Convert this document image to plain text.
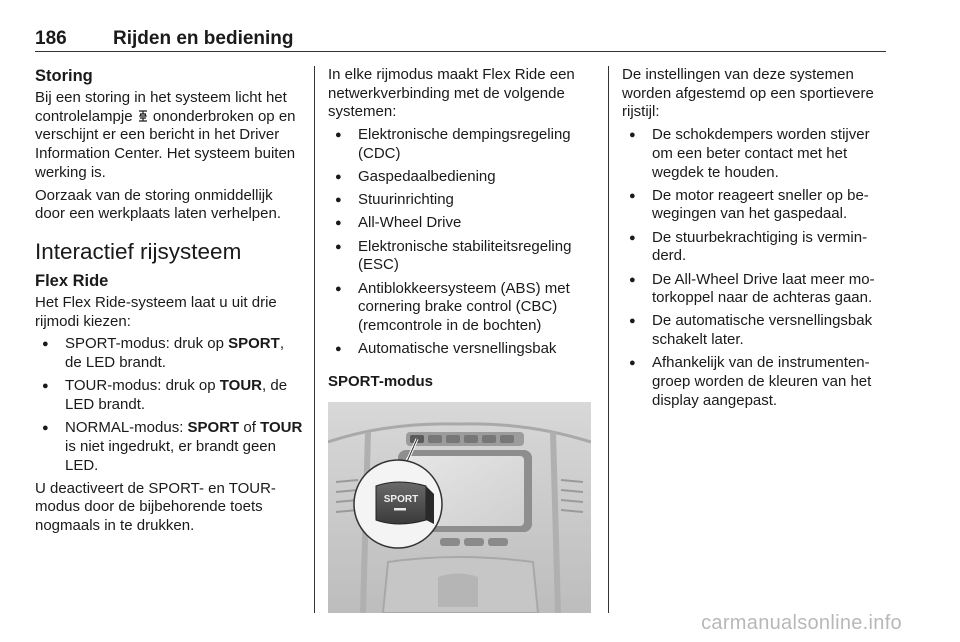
186 Rijden en bediening
Storing

Bij een storing in het systeem licht het controlelampje  ononderbroken op en verschijnt er een bericht in het Driver Information Center. Het systeem buiten werking is.

Oorzaak van de storing onmiddellijk door een werkplaats laten verhelpen.

Interactief rijsysteem
Flex Ride

Het Flex Ride-systeem laat u uit drie rijmodi kiezen:

● SPORT-modus: druk op SPORT, de LED brandt.
● TOUR-modus: druk op TOUR, de LED brandt.
● NORMAL-modus: SPORT of TOUR is niet ingedrukt, er brandt geen LED.

U deactiveert de SPORT- en TOUR-modus door de bijbehorende toets nogmaals in te drukken.

In elke rijmodus maakt Flex Ride een netwerkverbinding met de volgende systemen:

● Elektronische dempingsregeling (CDC)
● Gaspedaalbediening
● Stuurinrichting
● All-Wheel Drive
● Elektronische stabiliteitsregeling (ESC)
● Antiblokkeersysteem (ABS) met cornering brake control (CBC) (remcontrole in de bochten)
● Automatische versnellingsbak
SPORT-modus
SPORT

De instellingen van deze systemen worden afgestemd op een sportievere rijstijl:

● De schokdempers worden stijver om een beter contact met het wegdek te houden.
● De motor reageert sneller op bewegingen van het gaspedaal.
● De stuurbekrachtiging is verminderd.
● De All-Wheel Drive laat meer motorkoppel naar de achteras gaan.
● De automatische versnellingsbak schakelt later.
● Afhankelijk van de instrumentengroep worden de kleuren van het display aangepast.
carmanualsonline.info
